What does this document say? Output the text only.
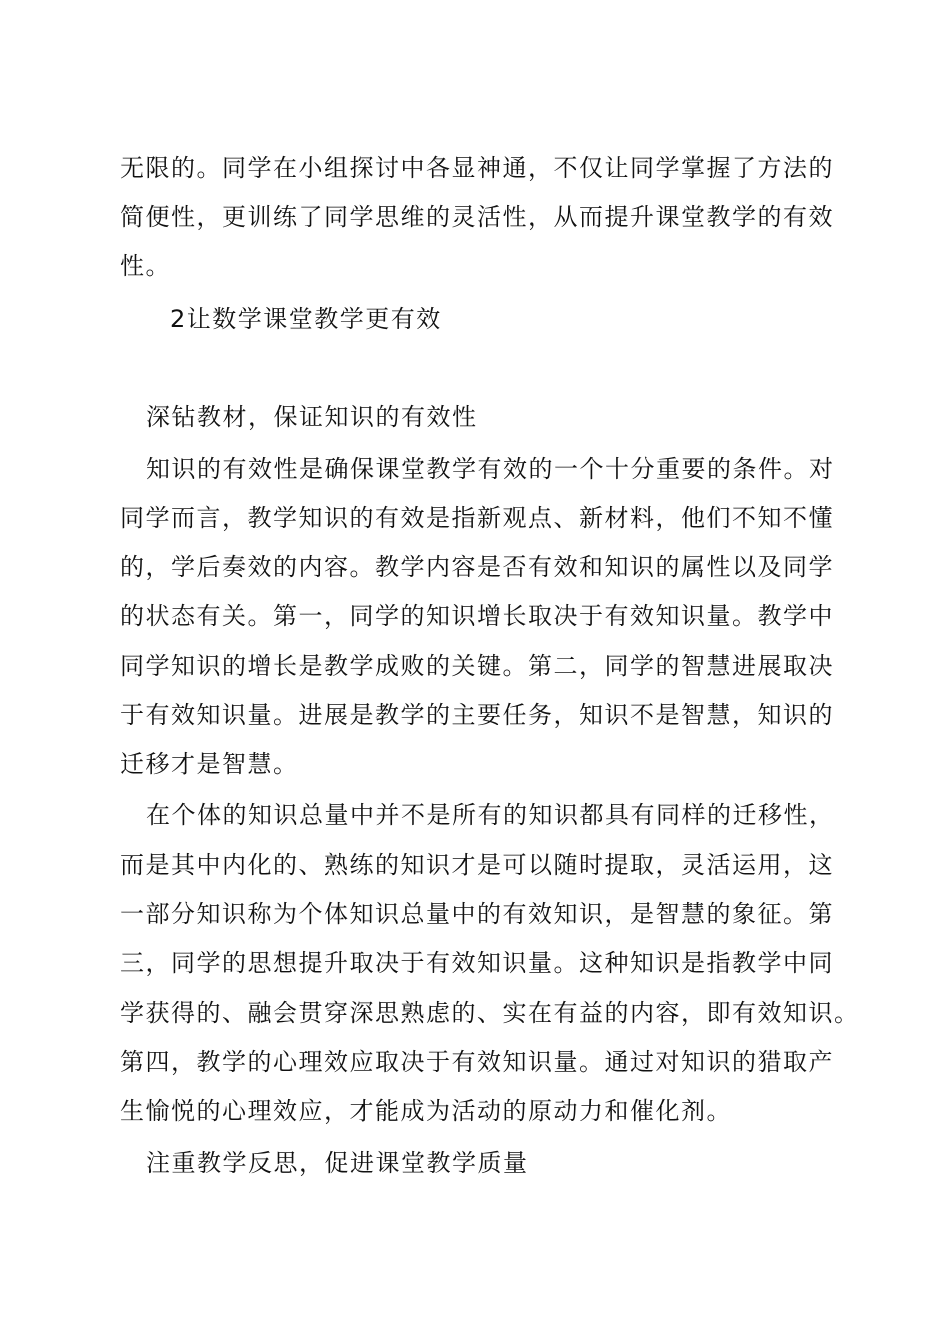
无限的。同学在小组探讨中各显神通，不仅让同学掌握了方法的
简便性，更训练了同学思维的灵活性，从而提升课堂教学的有效
性。
2让数学课堂教学更有效
深钻教材，保证知识的有效性
知识的有效性是确保课堂教学有效的一个十分重要的条件。对
同学而言，教学知识的有效是指新观点、新材料，他们不知不懂
的，学后奏效的内容。教学内容是否有效和知识的属性以及同学
的状态有关。第一，同学的知识增长取决于有效知识量。教学中
同学知识的增长是教学成败的关键。第二，同学的智慧进展取决
于有效知识量。进展是教学的主要任务，知识不是智慧，知识的
迁移才是智慧。
在个体的知识总量中并不是所有的知识都具有同样的迁移性，
而是其中内化的、熟练的知识才是可以随时提取，灵活运用，这
一部分知识称为个体知识总量中的有效知识，是智慧的象征。第
三，同学的思想提升取决于有效知识量。这种知识是指教学中同
学获得的、融会贯穿深思熟虑的、实在有益的内容，即有效知识。
第四，教学的心理效应取决于有效知识量。通过对知识的猎取产
生愉悦的心理效应，才能成为活动的原动力和催化剂。
注重教学反思，促进课堂教学质量
